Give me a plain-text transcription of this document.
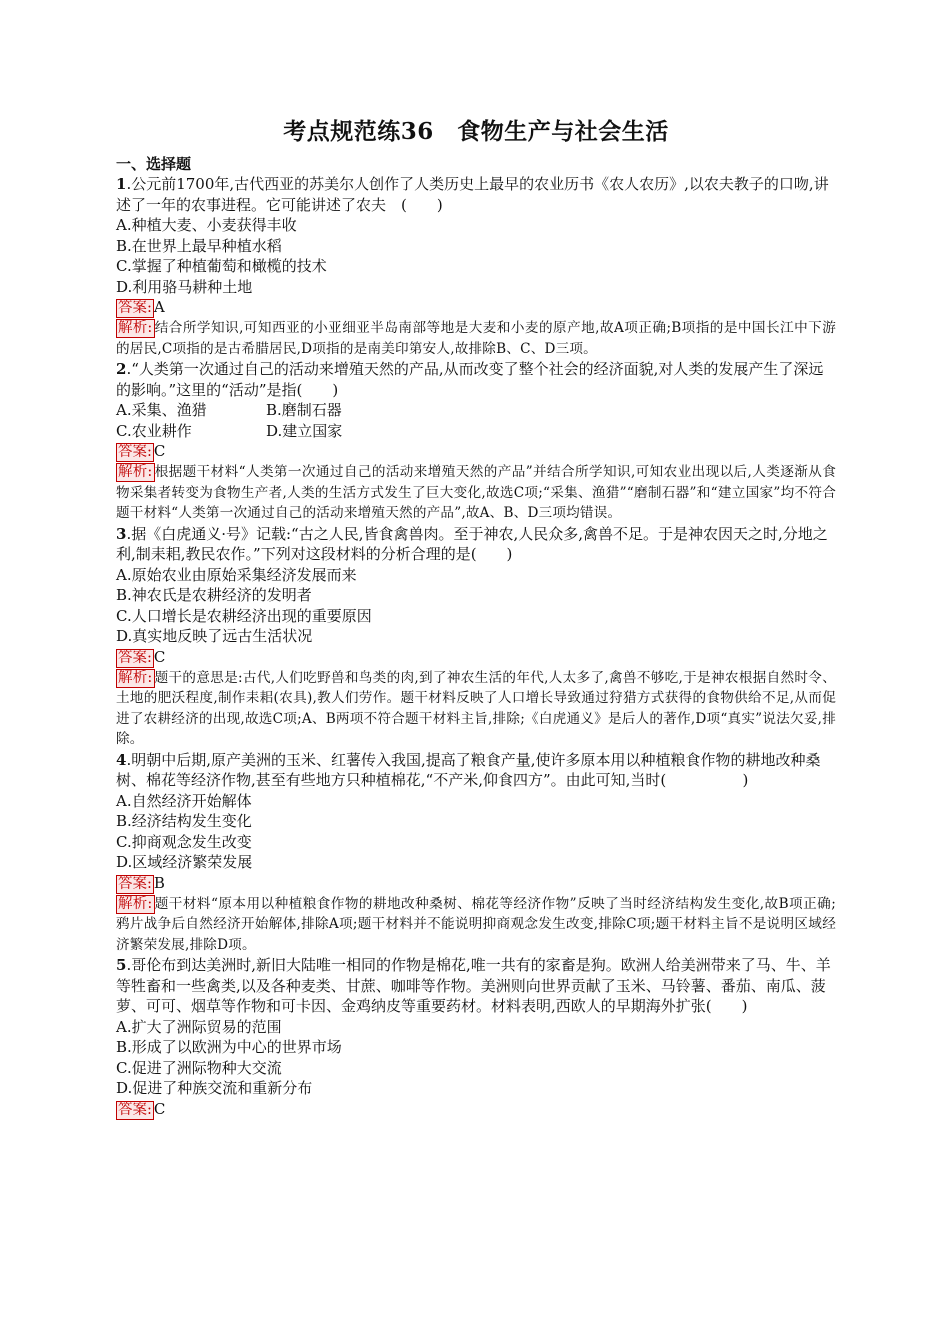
考点规范练36　食物生产与社会生活
一、选择题

1.公元前1700年,古代西亚的苏美尔人创作了人类历史上最早的农业历书《农人农历》,以农夫教子的口吻,讲述了一年的农事进程。它可能讲述了农夫　(　　)

A.种植大麦、小麦获得丰收

B.在世界上最早种植水稻

C.掌握了种植葡萄和橄榄的技术

D.利用骆马耕种土地

答案: A

解析: 结合所学知识,可知西亚的小亚细亚半岛南部等地是大麦和小麦的原产地,故A项正确;B项指的是中国长江中下游的居民,C项指的是古希腊居民,D项指的是南美印第安人,故排除B、C、D三项。

2.“人类第一次通过自己的活动来增殖天然的产品,从而改变了整个社会的经济面貌,对人类的发展产生了深远的影响。”这里的“活动”是指(　　)

A.采集、渔猎	B.磨制石器
C.农业耕作	D.建立国家

答案: C

解析: 根据题干材料“人类第一次通过自己的活动来增殖天然的产品”并结合所学知识,可知农业出现以后,人类逐渐从食物采集者转变为食物生产者,人类的生活方式发生了巨大变化,故选C项;“采集、渔猎”“磨制石器”和“建立国家”均不符合题干材料“人类第一次通过自己的活动来增殖天然的产品”,故A、B、D三项均错误。

3.据《白虎通义·号》记载:“古之人民,皆食禽兽肉。至于神农,人民众多,禽兽不足。于是神农因天之时,分地之利,制耒耜,教民农作。”下列对这段材料的分析合理的是(　　)

A.原始农业由原始采集经济发展而来

B.神农氏是农耕经济的发明者

C.人口增长是农耕经济出现的重要原因

D.真实地反映了远古生活状况

答案: C

解析: 题干的意思是:古代,人们吃野兽和鸟类的肉,到了神农生活的年代,人太多了,禽兽不够吃,于是神农根据自然时令、土地的肥沃程度,制作耒耜(农具),教人们劳作。题干材料反映了人口增长导致通过狩猎方式获得的食物供给不足,从而促进了农耕经济的出现,故选C项;A、B两项不符合题干材料主旨,排除;《白虎通义》是后人的著作,D项“真实”说法欠妥,排除。

4.明朝中后期,原产美洲的玉米、红薯传入我国,提高了粮食产量,使许多原本用以种植粮食作物的耕地改种桑树、棉花等经济作物,甚至有些地方只种植棉花,“不产米,仰食四方”。由此可知,当时(                )

A.自然经济开始解体

B.经济结构发生变化

C.抑商观念发生改变

D.区域经济繁荣发展

答案: B

解析: 题干材料“原本用以种植粮食作物的耕地改种桑树、棉花等经济作物”反映了当时经济结构发生变化,故B项正确;鸦片战争后自然经济开始解体,排除A项;题干材料并不能说明抑商观念发生改变,排除C项;题干材料主旨不是说明区域经济繁荣发展,排除D项。

5.哥伦布到达美洲时,新旧大陆唯一相同的作物是棉花,唯一共有的家畜是狗。欧洲人给美洲带来了马、牛、羊等牲畜和一些禽类,以及各种麦类、甘蔗、咖啡等作物。美洲则向世界贡献了玉米、马铃薯、番茄、南瓜、菠萝、可可、烟草等作物和可卡因、金鸡纳皮等重要药材。材料表明,西欧人的早期海外扩张(　　)

A.扩大了洲际贸易的范围

B.形成了以欧洲为中心的世界市场

C.促进了洲际物种大交流

D.促进了种族交流和重新分布

答案: C
